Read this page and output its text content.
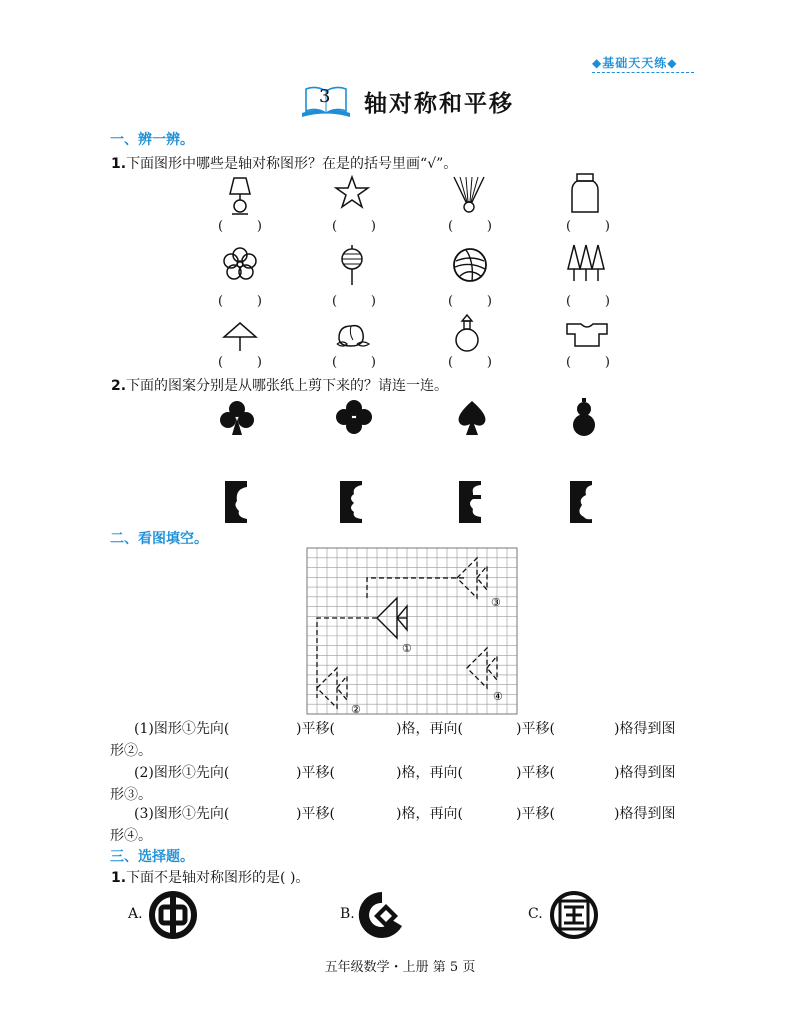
◆基础天天练◆
3 轴对称和平移
一、辨一辨。
1.下面图形中哪些是轴对称图形？在是的括号里画“√”。
(	)	(	)	(	)	(	)
(	)	(	)	(	)	(	)
(	)	(	)	(	)	(	)
2.下面的图案分别是从哪张纸上剪下来的？请连一连。
二、看图填空。
①
②
③
④
(1)图形①先向(	)平移(	)格，再向(	)平移(	)格得到图
形②。
(2)图形①先向(	)平移(	)格，再向(	)平移(	)格得到图
形③。
(3)图形①先向(	)平移(	)格，再向(	)平移(	)格得到图
形④。
三、选择题。
1.下面不是轴对称图形的是( )。
A.	B.	C.
五年级数学・上册 第 5 页
